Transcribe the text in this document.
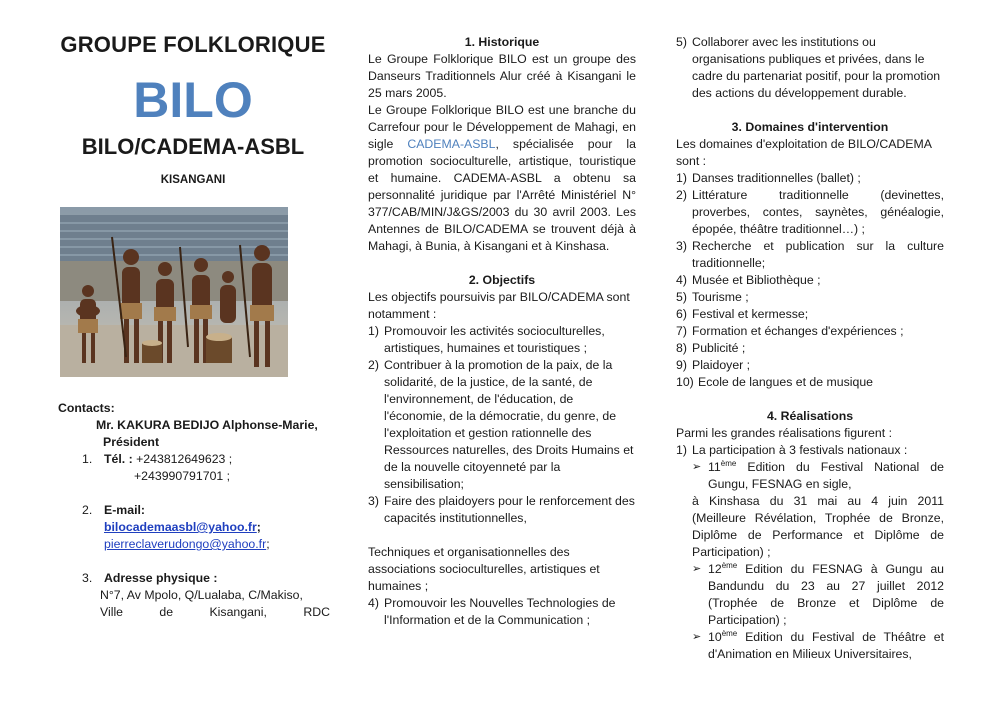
GROUPE FOLKLORIQUE
BILO
BILO/CADEMA-ASBL
KISANGANI
Contacts:
Mr. KAKURA BEDIJO Alphonse-Marie,
Président
1. Tél. : +243812649623 ;
+243990791701 ;
2. E-mail:
bilocademaasbl@yahoo.fr;
pierreclaverudongo@yahoo.fr;
3. Adresse physique :
N°7, Av Mpolo, Q/Lualaba, C/Makiso,
Ville	de	Kisangani,	RDC
1. Historique
Le Groupe Folklorique BILO est un groupe des Danseurs Traditionnels Alur créé à Kisangani le 25 mars 2005.
Le Groupe Folklorique BILO est une branche du Carrefour pour le Développement de Mahagi, en sigle CADEMA-ASBL, spécialisée pour la promotion socioculturelle, artistique, touristique et humaine. CADEMA-ASBL a obtenu sa personnalité juridique par l'Arrêté Ministériel N° 377/CAB/MIN/J&GS/2003 du 30 avril 2003. Les Antennes de BILO/CADEMA se trouvent déjà à Mahagi, à Bunia, à Kisangani et à Kinshasa.
2. Objectifs
Les objectifs poursuivis par BILO/CADEMA sont notamment :
1) Promouvoir les activités socioculturelles, artistiques, humaines et touristiques ;
2) Contribuer à la promotion de la paix, de la solidarité, de la justice, de la santé, de l'environnement, de l'éducation, de l'économie, de la démocratie, du genre, de l'exploitation et gestion rationnelle des Ressources naturelles, des Droits Humains et de la nouvelle citoyenneté par la sensibilisation;
3) Faire des plaidoyers pour le renforcement des capacités institutionnelles,
Techniques et organisationnelles des associations socioculturelles, artistiques et humaines ;
4) Promouvoir les Nouvelles Technologies de l'Information et de la Communication ;
5) Collaborer avec les institutions ou organisations publiques et privées, dans le cadre du partenariat positif, pour la promotion des actions du développement durable.
3. Domaines d'intervention
Les domaines d'exploitation de BILO/CADEMA sont :
1) Danses traditionnelles (ballet) ;
2) Littérature traditionnelle (devinettes, proverbes, contes, saynètes, généalogie, épopée, théâtre traditionnel…) ;
3) Recherche et publication sur la culture traditionnelle;
4) Musée et Bibliothèque ;
5) Tourisme ;
6) Festival et kermesse;
7) Formation et échanges d'expériences ;
8) Publicité ;
9) Plaidoyer ;
10) Ecole de langues et de musique
4. Réalisations
Parmi les grandes réalisations figurent :
1) La participation à 3 festivals nationaux :
➢ 11ème Edition du Festival National de Gungu, FESNAG en sigle,
à Kinshasa du 31 mai au 4 juin 2011 (Meilleure Révélation, Trophée de Bronze, Diplôme de Performance et Diplôme de Participation) ;
➢ 12ème Edition du FESNAG à Gungu au Bandundu du 23 au 27 juillet 2012 (Trophée de Bronze et Diplôme de Participation) ;
➢ 10ème Edition du Festival de Théâtre et d'Animation en Milieux Universitaires,
